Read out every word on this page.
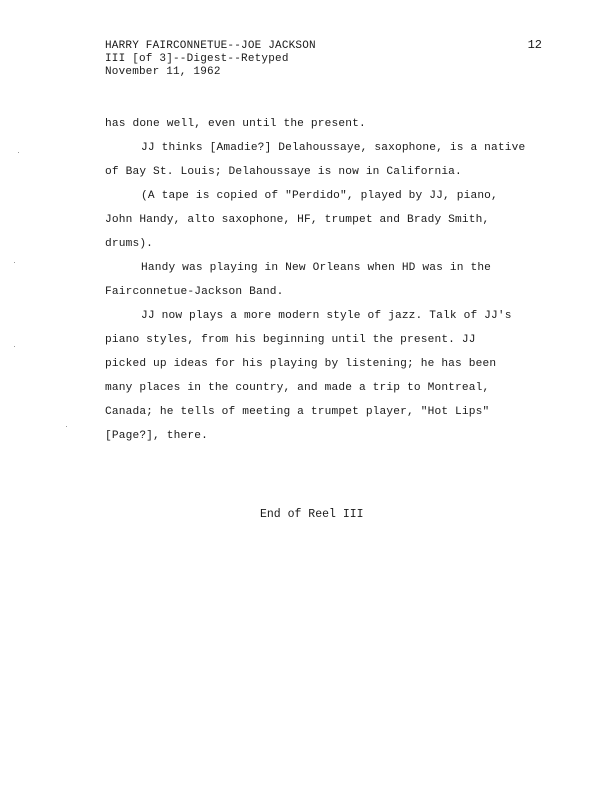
HARRY FAIRCONNETUE--JOE JACKSON
III [of 3]--Digest--Retyped
November 11, 1962
12

has done well, even until the present.

JJ thinks [Amadie?] Delahoussaye, saxophone, is a native

of Bay St. Louis; Delahoussaye is now in California.

(A tape is copied of "Perdido", played by JJ, piano,

John Handy, alto saxophone, HF, trumpet and Brady Smith,

drums).

Handy was playing in New Orleans when HD was in the

Fairconnetue-Jackson Band.

JJ now plays a more modern style of jazz. Talk of JJ's

piano styles, from his beginning until the present. JJ

picked up ideas for his playing by listening; he has been

many places in the country, and made a trip to Montreal,

Canada; he tells of meeting a trumpet player, "Hot Lips"

[Page?], there.

End of Reel III
